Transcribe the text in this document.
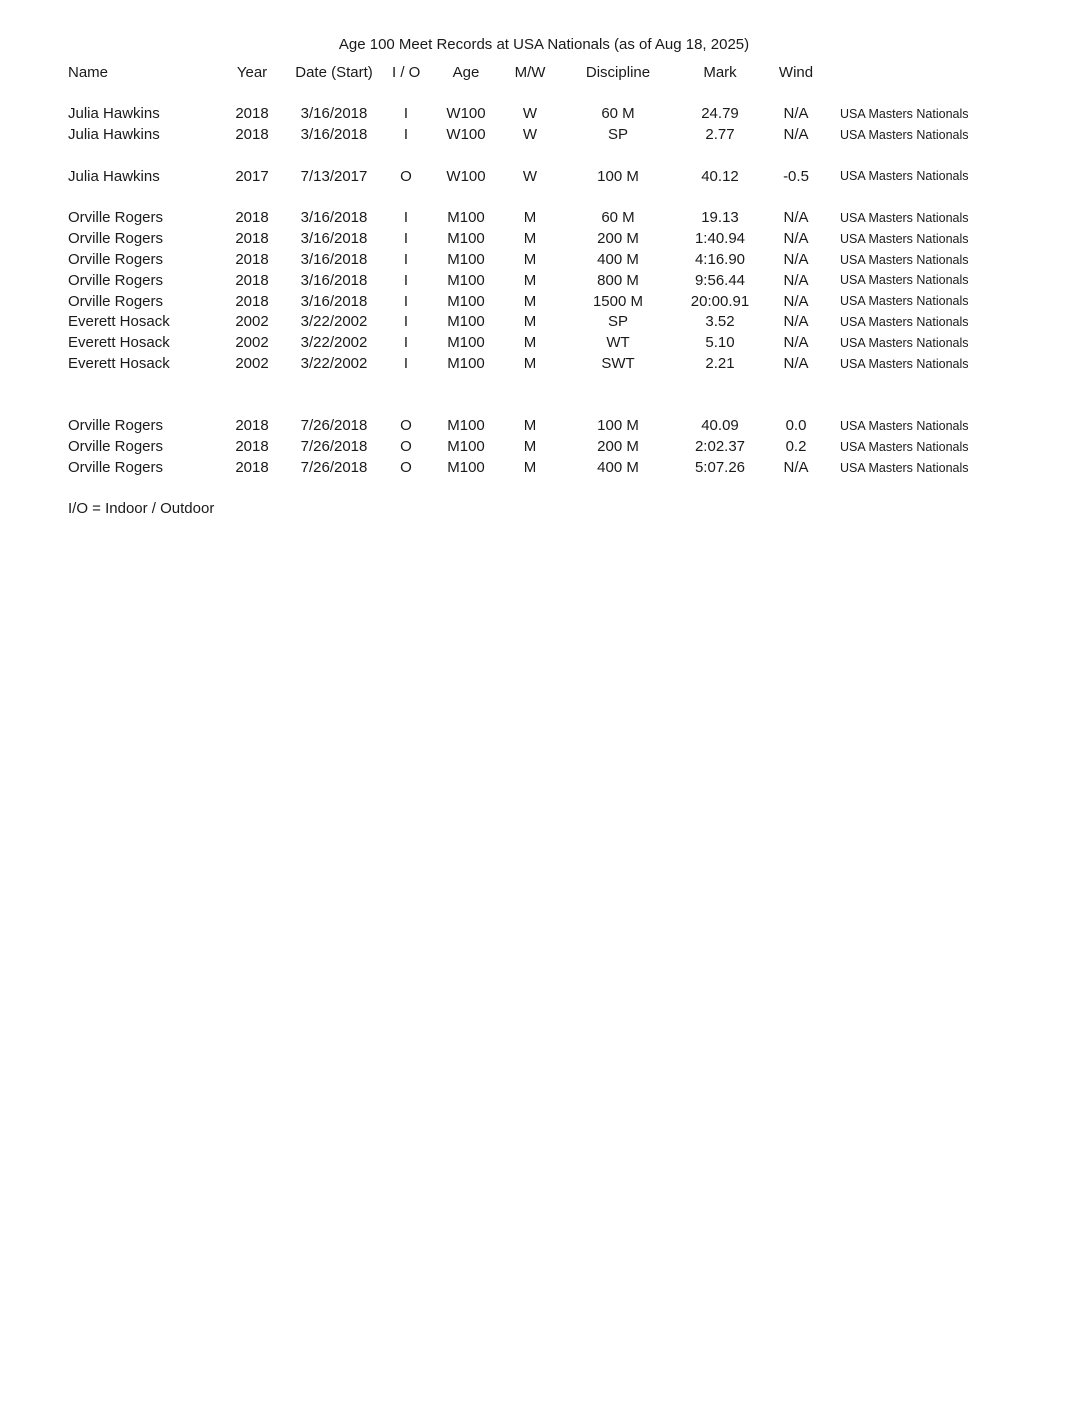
Age 100 Meet Records at USA Nationals (as of Aug 18, 2025)
Name	Year	Date (Start)	I / O	Age	M/W	Discipline	Mark	Wind
Julia Hawkins	2018	3/16/2018	I	W100	W	60 M	24.79	N/A	USA Masters Nationals
Julia Hawkins	2018	3/16/2018	I	W100	W	SP	2.77	N/A	USA Masters Nationals
Julia Hawkins	2017	7/13/2017	O	W100	W	100 M	40.12	-0.5	USA Masters Nationals
Orville Rogers	2018	3/16/2018	I	M100	M	60 M	19.13	N/A	USA Masters Nationals
Orville Rogers	2018	3/16/2018	I	M100	M	200 M	1:40.94	N/A	USA Masters Nationals
Orville Rogers	2018	3/16/2018	I	M100	M	400 M	4:16.90	N/A	USA Masters Nationals
Orville Rogers	2018	3/16/2018	I	M100	M	800 M	9:56.44	N/A	USA Masters Nationals
Orville Rogers	2018	3/16/2018	I	M100	M	1500 M	20:00.91	N/A	USA Masters Nationals
Everett Hosack	2002	3/22/2002	I	M100	M	SP	3.52	N/A	USA Masters Nationals
Everett Hosack	2002	3/22/2002	I	M100	M	WT	5.10	N/A	USA Masters Nationals
Everett Hosack	2002	3/22/2002	I	M100	M	SWT	2.21	N/A	USA Masters Nationals
Orville Rogers	2018	7/26/2018	O	M100	M	100 M	40.09	0.0	USA Masters Nationals
Orville Rogers	2018	7/26/2018	O	M100	M	200 M	2:02.37	0.2	USA Masters Nationals
Orville Rogers	2018	7/26/2018	O	M100	M	400 M	5:07.26	N/A	USA Masters Nationals
I/O = Indoor / Outdoor
